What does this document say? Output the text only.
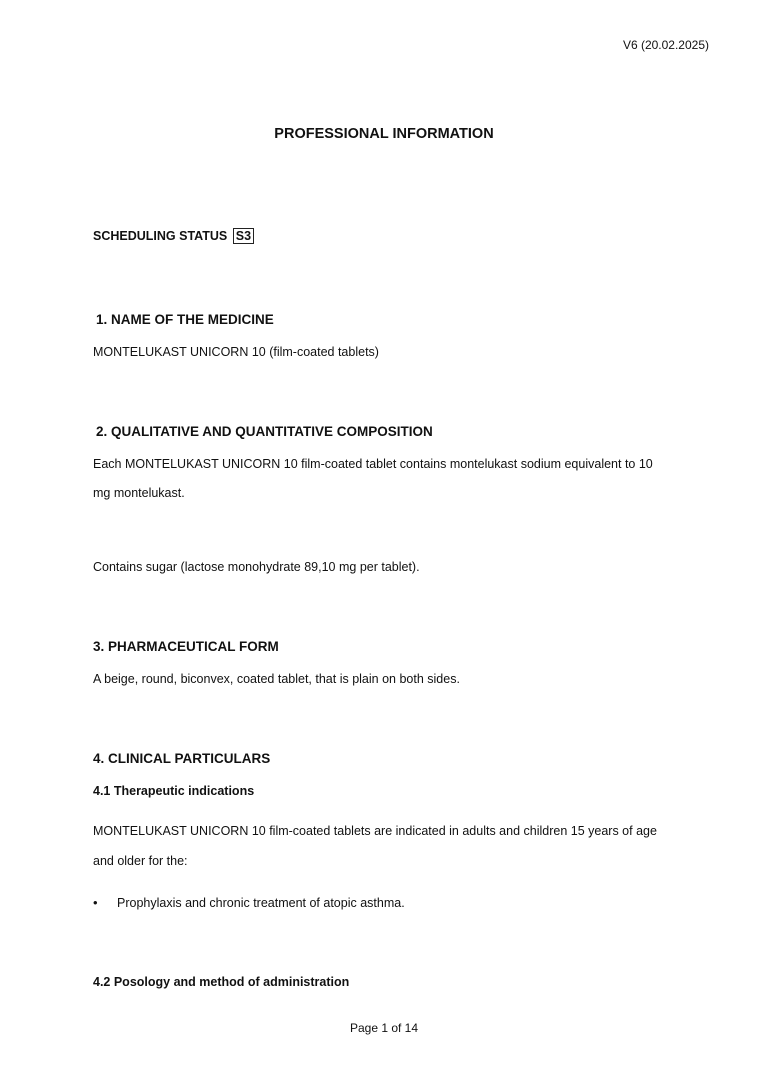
V6 (20.02.2025)
PROFESSIONAL INFORMATION
SCHEDULING STATUS S3
1. NAME OF THE MEDICINE
MONTELUKAST UNICORN 10 (film-coated tablets)
2. QUALITATIVE AND QUANTITATIVE COMPOSITION
Each MONTELUKAST UNICORN 10 film-coated tablet contains montelukast sodium equivalent to 10
mg montelukast.
Contains sugar (lactose monohydrate 89,10 mg per tablet).
3. PHARMACEUTICAL FORM
A beige, round, biconvex, coated tablet, that is plain on both sides.
4. CLINICAL PARTICULARS
4.1 Therapeutic indications
MONTELUKAST UNICORN 10 film-coated tablets are indicated in adults and children 15 years of age
and older for the:
• Prophylaxis and chronic treatment of atopic asthma.
4.2 Posology and method of administration
Page 1 of 14
